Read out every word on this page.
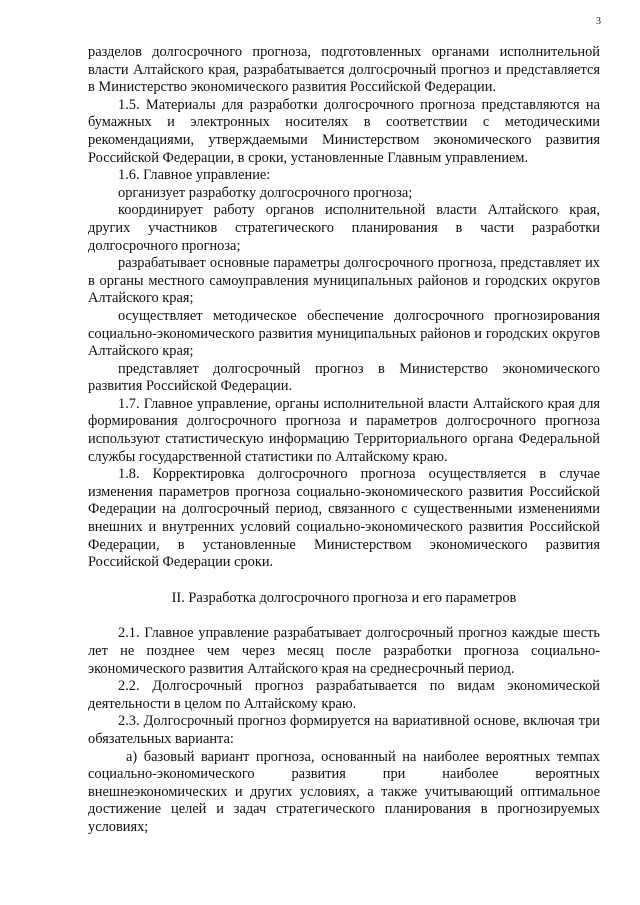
3

разделов долгосрочного прогноза, подготовленных органами исполнительной власти Алтайского края, разрабатывается долгосрочный прогноз и представляется в Министерство экономического развития Российской Федерации.

1.5. Материалы для разработки долгосрочного прогноза представляются на бумажных и электронных носителях в соответствии с методическими рекомендациями, утверждаемыми Министерством экономического развития Российской Федерации, в сроки, установленные Главным управлением.

1.6. Главное управление:

организует разработку долгосрочного прогноза;

координирует работу органов исполнительной власти Алтайского края, других участников стратегического планирования в части разработки долгосрочного прогноза;

разрабатывает основные параметры долгосрочного прогноза, представляет их в органы местного самоуправления муниципальных районов и городских округов Алтайского края;

осуществляет методическое обеспечение долгосрочного прогнозирования социально-экономического развития муниципальных районов и городских округов Алтайского края;

представляет долгосрочный прогноз в Министерство экономического развития Российской Федерации.

1.7. Главное управление, органы исполнительной власти Алтайского края для формирования долгосрочного прогноза и параметров долгосрочного прогноза используют статистическую информацию Территориального органа Федеральной службы государственной статистики по Алтайскому краю.

1.8. Корректировка долгосрочного прогноза осуществляется в случае изменения параметров прогноза социально-экономического развития Российской Федерации на долгосрочный период, связанного с существенными изменениями внешних и внутренних условий социально-экономического развития Российской Федерации, в установленные Министерством экономического развития Российской Федерации сроки.

II. Разработка долгосрочного прогноза и его параметров

2.1. Главное управление разрабатывает долгосрочный прогноз каждые шесть лет не позднее чем через месяц после разработки прогноза социально-экономического развития Алтайского края на среднесрочный период.

2.2. Долгосрочный прогноз разрабатывается по видам экономической деятельности в целом по Алтайскому краю.

2.3. Долгосрочный прогноз формируется на вариативной основе, включая три обязательных варианта:

а) базовый вариант прогноза, основанный на наиболее вероятных темпах социально-экономического развития при наиболее вероятных внешнеэкономических и других условиях, а также учитывающий оптимальное достижение целей и задач стратегического планирования в прогнозируемых условиях;
